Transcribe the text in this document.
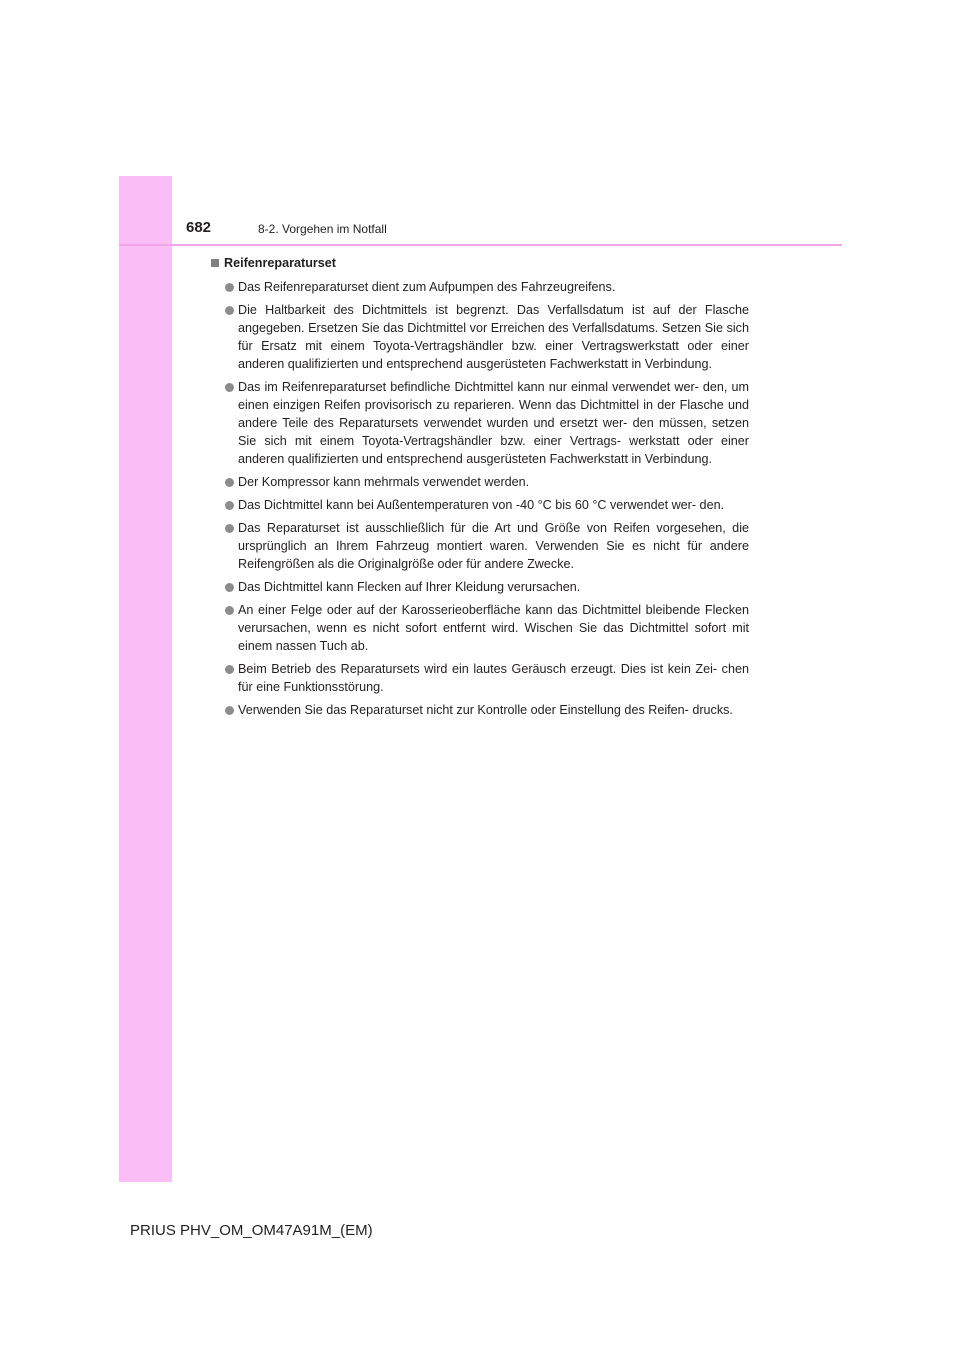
682	8-2. Vorgehen im Notfall
Reifenreparaturset
Das Reifenreparaturset dient zum Aufpumpen des Fahrzeugreifens.
Die Haltbarkeit des Dichtmittels ist begrenzt. Das Verfallsdatum ist auf der Flasche angegeben. Ersetzen Sie das Dichtmittel vor Erreichen des Verfallsdatums. Setzen Sie sich für Ersatz mit einem Toyota-Vertragshändler bzw. einer Vertragswerkstatt oder einer anderen qualifizierten und entsprechend ausgerüsteten Fachwerkstatt in Verbindung.
Das im Reifenreparaturset befindliche Dichtmittel kann nur einmal verwendet wer- den, um einen einzigen Reifen provisorisch zu reparieren. Wenn das Dichtmittel in der Flasche und andere Teile des Reparatursets verwendet wurden und ersetzt wer- den müssen, setzen Sie sich mit einem Toyota-Vertragshändler bzw. einer Vertrags- werkstatt oder einer anderen qualifizierten und entsprechend ausgerüsteten Fachwerkstatt in Verbindung.
Der Kompressor kann mehrmals verwendet werden.
Das Dichtmittel kann bei Außentemperaturen von -40 °C bis 60 °C verwendet wer- den.
Das Reparaturset ist ausschließlich für die Art und Größe von Reifen vorgesehen, die ursprünglich an Ihrem Fahrzeug montiert waren. Verwenden Sie es nicht für andere Reifengrößen als die Originalgröße oder für andere Zwecke.
Das Dichtmittel kann Flecken auf Ihrer Kleidung verursachen.
An einer Felge oder auf der Karosserieoberfläche kann das Dichtmittel bleibende Flecken verursachen, wenn es nicht sofort entfernt wird. Wischen Sie das Dichtmittel sofort mit einem nassen Tuch ab.
Beim Betrieb des Reparatursets wird ein lautes Geräusch erzeugt. Dies ist kein Zei- chen für eine Funktionsstörung.
Verwenden Sie das Reparaturset nicht zur Kontrolle oder Einstellung des Reifen- drucks.
PRIUS PHV_OM_OM47A91M_(EM)
